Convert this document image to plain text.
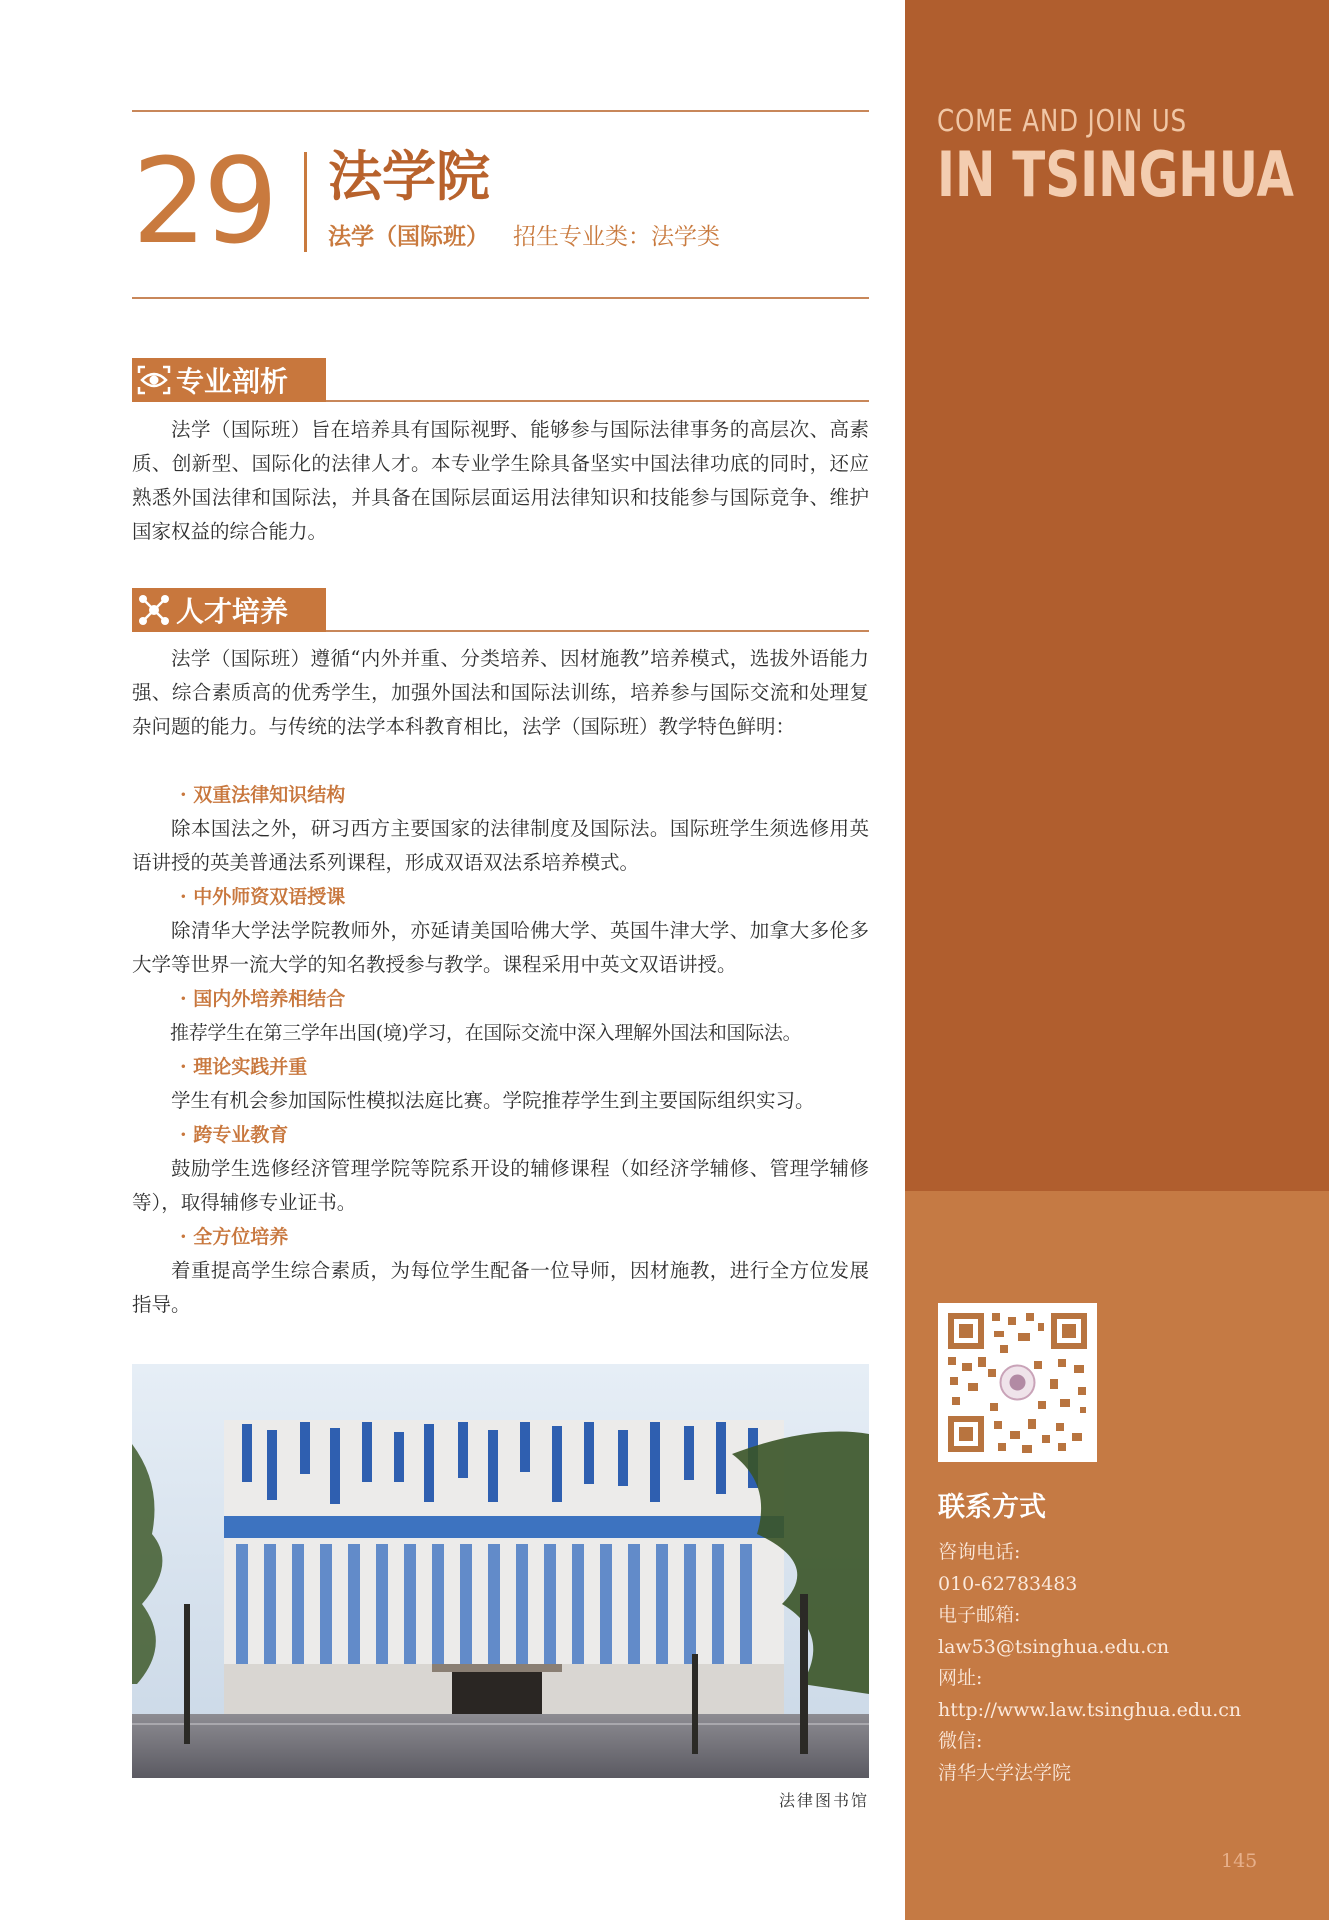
29 法学院
法学（国际班） 招生专业类：法学类
专业剖析

法学（国际班）旨在培养具有国际视野、能够参与国际法律事务的高层次、高素质、创新型、国际化的法律人才。本专业学生除具备坚实中国法律功底的同时，还应熟悉外国法律和国际法，并具备在国际层面运用法律知识和技能参与国际竞争、维护国家权益的综合能力。

人才培养

法学（国际班）遵循“内外并重、分类培养、因材施教”培养模式，选拔外语能力强、综合素质高的优秀学生，加强外国法和国际法训练，培养参与国际交流和处理复杂问题的能力。与传统的法学本科教育相比，法学（国际班）教学特色鲜明：

· 双重法律知识结构

除本国法之外，研习西方主要国家的法律制度及国际法。国际班学生须选修用英语讲授的英美普通法系列课程，形成双语双法系培养模式。

· 中外师资双语授课

除清华大学法学院教师外，亦延请美国哈佛大学、英国牛津大学、加拿大多伦多大学等世界一流大学的知名教授参与教学。课程采用中英文双语讲授。

· 国内外培养相结合

推荐学生在第三学年出国(境)学习，在国际交流中深入理解外国法和国际法。

· 理论实践并重

学生有机会参加国际性模拟法庭比赛。学院推荐学生到主要国际组织实习。

· 跨专业教育

鼓励学生选修经济管理学院等院系开设的辅修课程（如经济学辅修、管理学辅修等），取得辅修专业证书。

· 全方位培养

着重提高学生综合素质，为每位学生配备一位导师，因材施教，进行全方位发展指导。

法律图书馆
COME AND JOIN US
IN TSINGHUA
联系方式
咨询电话:
010-62783483
电子邮箱:
law53@tsinghua.edu.cn
网址:
http://www.law.tsinghua.edu.cn
微信:
清华大学法学院
145
